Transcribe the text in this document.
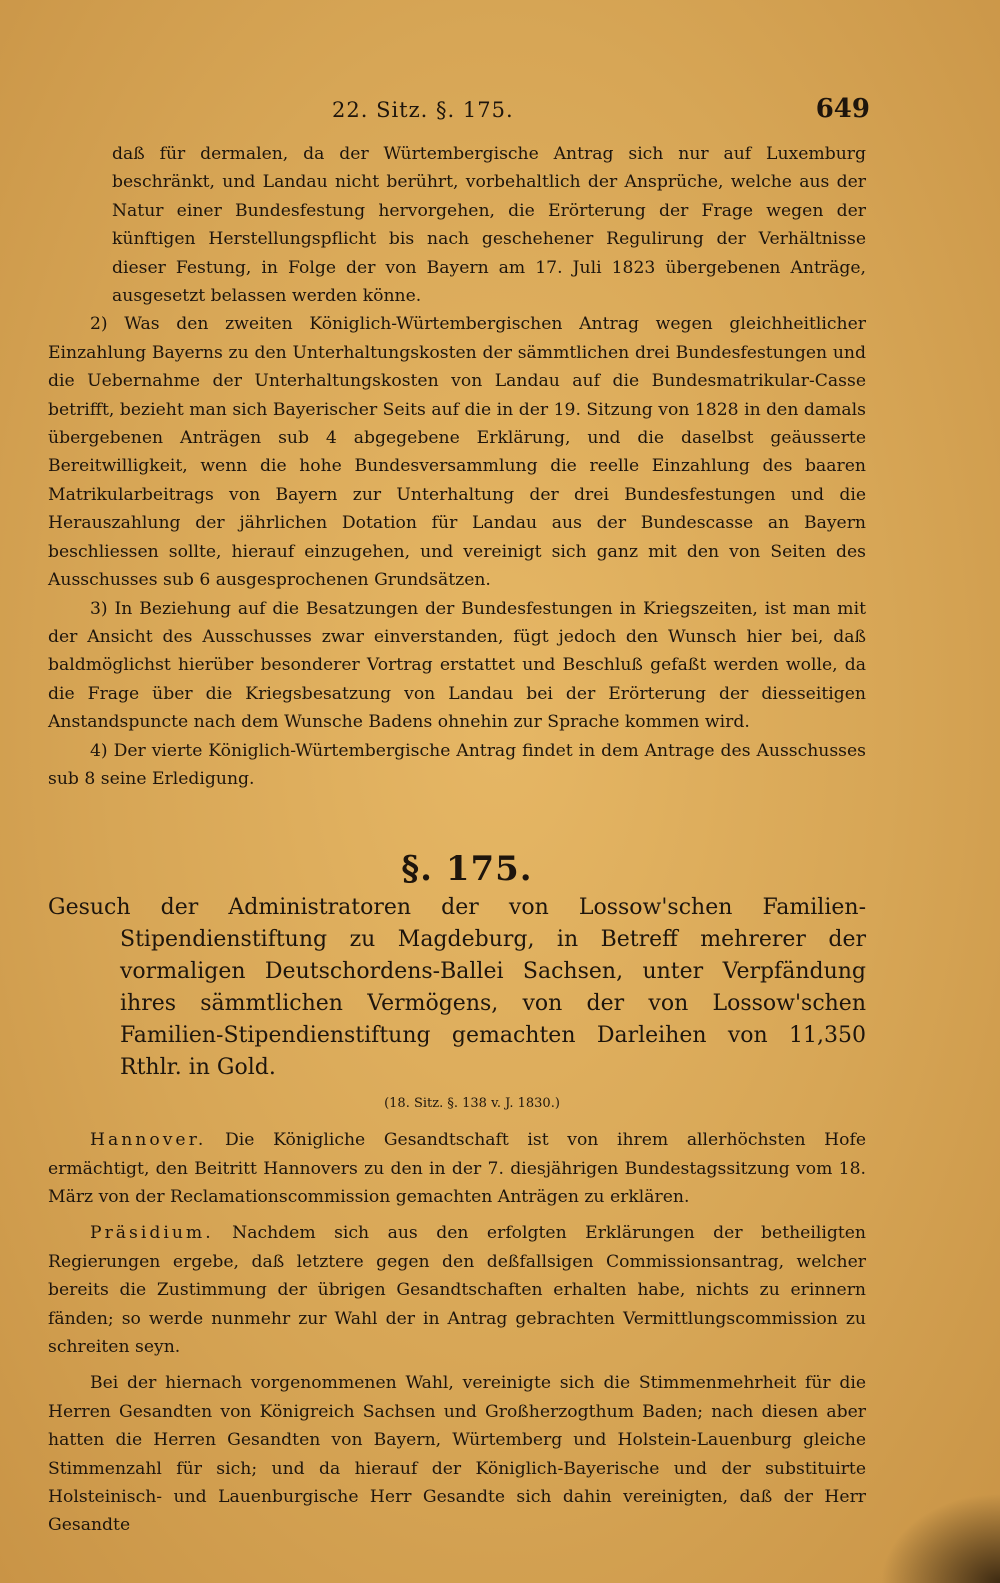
22. Sitz. §. 175.	649

daß für dermalen, da der Würtembergische Antrag sich nur auf Luxemburg beschränkt, und Landau nicht berührt, vorbehaltlich der Ansprüche, welche aus der Natur einer Bundesfestung hervorgehen, die Erörterung der Frage wegen der künftigen Herstellungspflicht bis nach geschehener Regulirung der Verhältnisse dieser Festung, in Folge der von Bayern am 17. Juli 1823 übergebenen Anträge, ausgesetzt belassen werden könne.

2) Was den zweiten Königlich-Würtembergischen Antrag wegen gleichheitlicher Einzahlung Bayerns zu den Unterhaltungskosten der sämmtlichen drei Bundesfestungen und die Uebernahme der Unterhaltungskosten von Landau auf die Bundesmatrikular-Casse betrifft, bezieht man sich Bayerischer Seits auf die in der 19. Sitzung von 1828 in den damals übergebenen Anträgen sub 4 abgegebene Erklärung, und die daselbst geäusserte Bereitwilligkeit, wenn die hohe Bundesversammlung die reelle Einzahlung des baaren Matrikularbeitrags von Bayern zur Unterhaltung der drei Bundesfestungen und die Herauszahlung der jährlichen Dotation für Landau aus der Bundescasse an Bayern beschliessen sollte, hierauf einzugehen, und vereinigt sich ganz mit den von Seiten des Ausschusses sub 6 ausgesprochenen Grundsätzen.

3) In Beziehung auf die Besatzungen der Bundesfestungen in Kriegszeiten, ist man mit der Ansicht des Ausschusses zwar einverstanden, fügt jedoch den Wunsch hier bei, daß baldmöglichst hierüber besonderer Vortrag erstattet und Beschluß gefaßt werden wolle, da die Frage über die Kriegsbesatzung von Landau bei der Erörterung der diesseitigen Anstandspuncte nach dem Wunsche Badens ohnehin zur Sprache kommen wird.

4) Der vierte Königlich-Würtembergische Antrag findet in dem Antrage des Ausschusses sub 8 seine Erledigung.

§. 175.

Gesuch der Administratoren der von Lossow'schen Familien-Stipendienstiftung zu Magdeburg, in Betreff mehrerer der vormaligen Deutschordens-Ballei Sachsen, unter Verpfändung ihres sämmtlichen Vermögens, von der von Lossow'schen Familien-Stipendienstiftung gemachten Darleihen von 11,350 Rthlr. in Gold.

(18. Sitz. §. 138 v. J. 1830.)

Hannover. Die Königliche Gesandtschaft ist von ihrem allerhöchsten Hofe ermächtigt, den Beitritt Hannovers zu den in der 7. diesjährigen Bundestagssitzung vom 18. März von der Reclamationscommission gemachten Anträgen zu erklären.

Präsidium. Nachdem sich aus den erfolgten Erklärungen der betheiligten Regierungen ergebe, daß letztere gegen den deßfallsigen Commissionsantrag, welcher bereits die Zustimmung der übrigen Gesandtschaften erhalten habe, nichts zu erinnern fänden; so werde nunmehr zur Wahl der in Antrag gebrachten Vermittlungscommission zu schreiten seyn.

Bei der hiernach vorgenommenen Wahl, vereinigte sich die Stimmenmehrheit für die Herren Gesandten von Königreich Sachsen und Großherzogthum Baden; nach diesen aber hatten die Herren Gesandten von Bayern, Würtemberg und Holstein-Lauenburg gleiche Stimmenzahl für sich; und da hierauf der Königlich-Bayerische und der substituirte Holsteinisch- und Lauenburgische Herr Gesandte sich dahin vereinigten, daß der Herr Gesandte
